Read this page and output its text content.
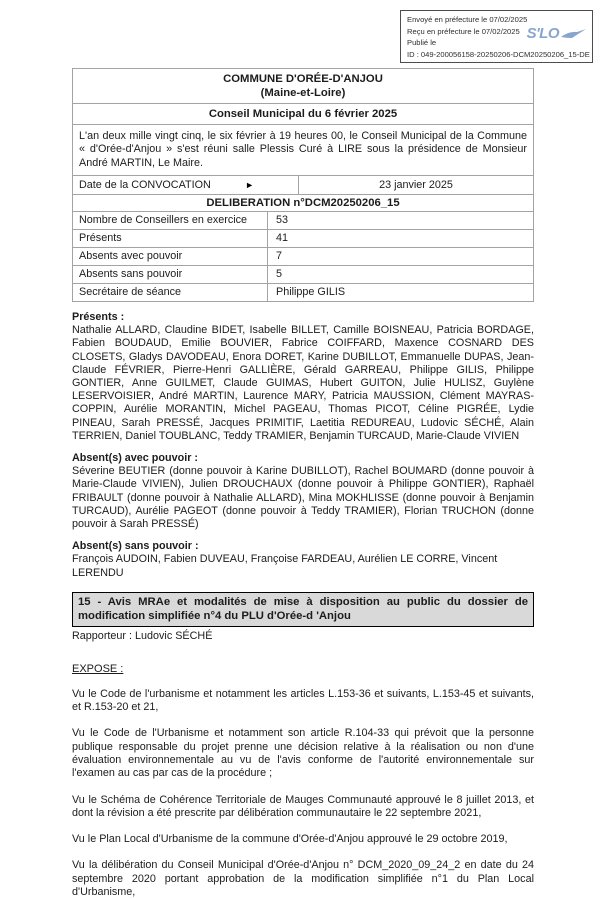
Envoyé en préfecture le 07/02/2025
Reçu en préfecture le 07/02/2025
Publié le
ID : 049-200056158-20250206-DCM20250206_15-DE
S'LO
COMMUNE D'ORÉE-D'ANJOU
(Maine-et-Loire)

Conseil Municipal du 6 février 2025
L'an deux mille vingt cinq, le six février à 19 heures 00, le Conseil Municipal de la Commune « d'Orée-d'Anjou » s'est réuni salle Plessis Curé à LIRE sous la présidence de Monsieur André MARTIN, Le Maire.
Date de la CONVOCATION	►	23 janvier 2025
DELIBERATION n°DCM20250206_15
Nombre de Conseillers en exercice	53
Présents	41
Absents avec pouvoir	7
Absents sans pouvoir	5
Secrétaire de séance	Philippe GILIS
Présents :
Nathalie ALLARD, Claudine BIDET, Isabelle BILLET, Camille BOISNEAU, Patricia BORDAGE, Fabien BOUDAUD, Emilie BOUVIER, Fabrice COIFFARD, Maxence COSNARD DES CLOSETS, Gladys DAVODEAU, Enora DORET, Karine DUBILLOT, Emmanuelle DUPAS, Jean-Claude FÉVRIER, Pierre-Henri GALLIÈRE, Gérald GARREAU, Philippe GILIS, Philippe GONTIER, Anne GUILMET, Claude GUIMAS, Hubert GUITON, Julie HULISZ, Guylène LESERVOISIER, André MARTIN, Laurence MARY, Patricia MAUSSION, Clément MAYRAS-COPPIN, Aurélie MORANTIN, Michel PAGEAU, Thomas PICOT, Céline PIGRÉE, Lydie PINEAU, Sarah PRESSÉ, Jacques PRIMITIF, Laetitia REDUREAU, Ludovic SÉCHÉ, Alain TERRIEN, Daniel TOUBLANC, Teddy TRAMIER, Benjamin TURCAUD, Marie-Claude VIVIEN
Absent(s) avec pouvoir :
Séverine BEUTIER (donne pouvoir à Karine DUBILLOT), Rachel BOUMARD (donne pouvoir à Marie-Claude VIVIEN), Julien DROUCHAUX (donne pouvoir à Philippe GONTIER), Raphaël FRIBAULT (donne pouvoir à Nathalie ALLARD), Mina MOKHLISSE (donne pouvoir à Benjamin TURCAUD), Aurélie PAGEOT (donne pouvoir à Teddy TRAMIER), Florian TRUCHON (donne pouvoir à Sarah PRESSÉ)
Absent(s) sans pouvoir :
François AUDOIN, Fabien DUVEAU, Françoise FARDEAU, Aurélien LE CORRE, Vincent LERENDU
15 - Avis MRAe et modalités de mise à disposition au public du dossier de modification simplifiée n°4 du PLU d'Orée-d 'Anjou
Rapporteur : Ludovic SÉCHÉ
EXPOSE :
Vu le Code de l'urbanisme et notamment les articles L.153-36 et suivants, L.153-45 et suivants, et R.153-20 et 21,
Vu le Code de l'Urbanisme et notamment son article R.104-33 qui prévoit que la personne publique responsable du projet prenne une décision relative à la réalisation ou non d'une évaluation environnementale au vu de l'avis conforme de l'autorité environnementale sur l'examen au cas par cas de la procédure ;
Vu le Schéma de Cohérence Territoriale de Mauges Communauté approuvé le 8 juillet 2013, et dont la révision a été prescrite par délibération communautaire le 22 septembre 2021,
Vu le Plan Local d'Urbanisme de la commune d'Orée-d'Anjou approuvé le 29 octobre 2019,
Vu la délibération du Conseil Municipal d'Orée-d'Anjou n° DCM_2020_09_24_2 en date du 24 septembre 2020 portant approbation de la modification simplifiée n°1 du Plan Local d'Urbanisme,
